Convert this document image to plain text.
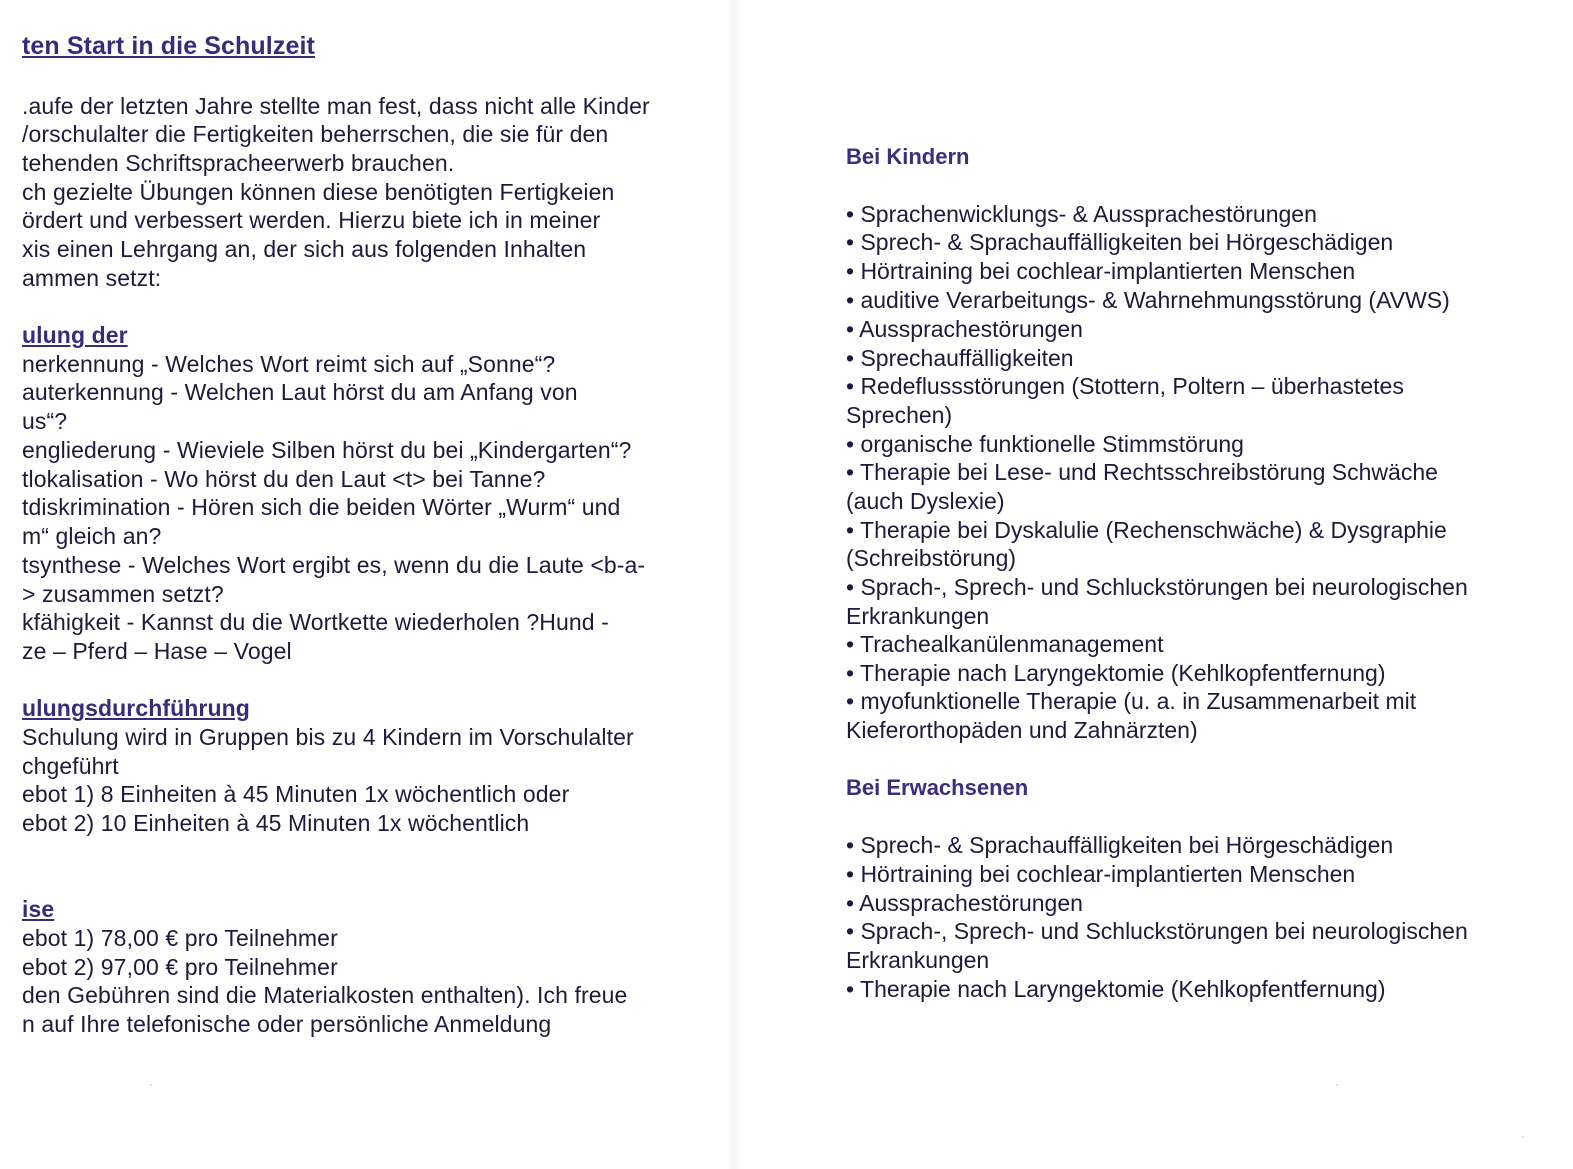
ten Start in die Schulzeit
.aufe der letzten Jahre stellte man fest, dass nicht alle Kinder
/orschulalter die Fertigkeiten beherrschen, die sie für den
tehenden Schriftspracheerwerb brauchen.
ch gezielte Übungen können diese benötigten Fertigkeien
ördert und verbessert werden. Hierzu biete ich in meiner
xis einen Lehrgang an, der sich aus folgenden Inhalten
ammen setzt:
ulung der
nerkennung - Welches Wort reimt sich auf „Sonne“?
auterkennung - Welchen Laut hörst du am Anfang von
us“?
engliederung - Wieviele Silben hörst du bei „Kindergarten“?
tlokalisation - Wo hörst du den Laut <t> bei Tanne?
tdiskrimination - Hören sich die beiden Wörter „Wurm“ und
m“ gleich an?
tsynthese - Welches Wort ergibt es, wenn du die Laute <b-a-
> zusammen setzt?
kfähigkeit - Kannst du die Wortkette wiederholen ?Hund -
ze – Pferd – Hase – Vogel
ulungsdurchführung
Schulung wird in Gruppen bis zu 4 Kindern im Vorschulalter
chgeführt
ebot 1) 8 Einheiten à 45 Minuten 1x wöchentlich oder
ebot 2) 10 Einheiten à 45 Minuten 1x wöchentlich
ise
ebot 1) 78,00 € pro Teilnehmer
ebot 2) 97,00 € pro Teilnehmer
den Gebühren sind die Materialkosten enthalten). Ich freue
n auf Ihre telefonische oder persönliche Anmeldung
Bei Kindern
• Sprachenwicklungs- & Aussprachestörungen
• Sprech- & Sprachauffälligkeiten bei Hörgeschädigen
• Hörtraining bei cochlear-implantierten Menschen
• auditive Verarbeitungs- & Wahrnehmungsstörung (AVWS)
• Aussprachestörungen
• Sprechauffälligkeiten
• Redeflussstörungen (Stottern, Poltern – überhastetes
Sprechen)
• organische funktionelle Stimmstörung
• Therapie bei Lese- und Rechtsschreibstörung Schwäche
(auch Dyslexie)
• Therapie bei Dyskalulie (Rechenschwäche) & Dysgraphie
(Schreibstörung)
• Sprach-, Sprech- und Schluckstörungen bei neurologischen
Erkrankungen
• Trachealkanülenmanagement
• Therapie nach Laryngektomie (Kehlkopfentfernung)
• myofunktionelle Therapie (u. a. in Zusammenarbeit mit
Kieferorthopäden und Zahnärzten)
Bei Erwachsenen
• Sprech- & Sprachauffälligkeiten bei Hörgeschädigen
• Hörtraining bei cochlear-implantierten Menschen
• Aussprachestörungen
• Sprach-, Sprech- und Schluckstörungen bei neurologischen
Erkrankungen
• Therapie nach Laryngektomie (Kehlkopfentfernung)
